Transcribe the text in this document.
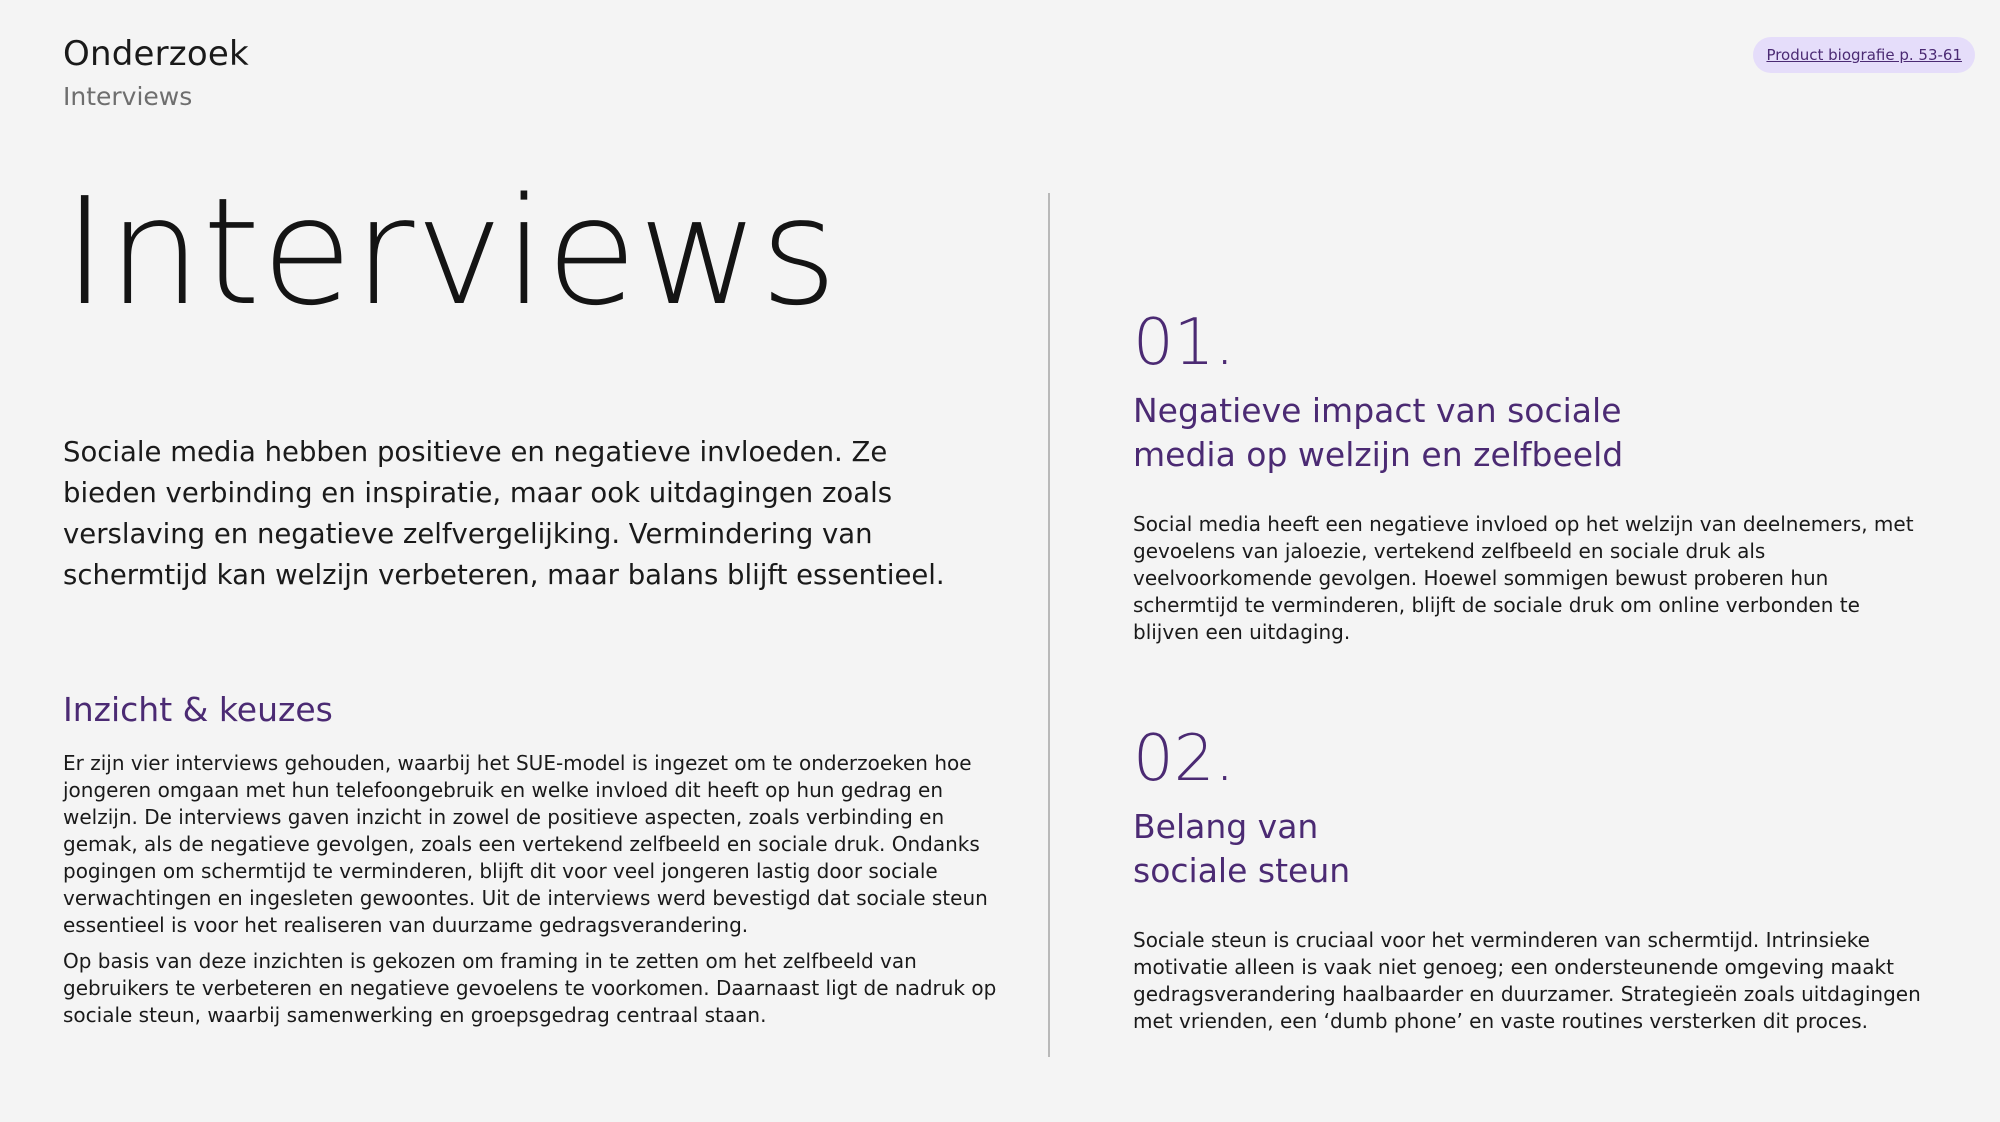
Onderzoek
Interviews
Product biografie p. 53-61
Interviews

Sociale media hebben positieve en negatieve invloeden. Ze bieden verbinding en inspiratie, maar ook uitdagingen zoals verslaving en negatieve zelfvergelijking. Vermindering van schermtijd kan welzijn verbeteren, maar balans blijft essentieel.

Inzicht & keuzes

Er zijn vier interviews gehouden, waarbij het SUE-model is ingezet om te onderzoeken hoe jongeren omgaan met hun telefoongebruik en welke invloed dit heeft op hun gedrag en welzijn. De interviews gaven inzicht in zowel de positieve aspecten, zoals verbinding en gemak, als de negatieve gevolgen, zoals een vertekend zelfbeeld en sociale druk. Ondanks pogingen om schermtijd te verminderen, blijft dit voor veel jongeren lastig door sociale verwachtingen en ingesleten gewoontes. Uit de interviews werd bevestigd dat sociale steun essentieel is voor het realiseren van duurzame gedragsverandering.

Op basis van deze inzichten is gekozen om framing in te zetten om het zelfbeeld van gebruikers te verbeteren en negatieve gevoelens te voorkomen. Daarnaast ligt de nadruk op sociale steun, waarbij samenwerking en groepsgedrag centraal staan.

01.
Negatieve impact van sociale
media op welzijn en zelfbeeld

Social media heeft een negatieve invloed op het welzijn van deelnemers, met gevoelens van jaloezie, vertekend zelfbeeld en sociale druk als veelvoorkomende gevolgen. Hoewel sommigen bewust proberen hun schermtijd te verminderen, blijft de sociale druk om online verbonden te blijven een uitdaging.

02.
Belang van
sociale steun

Sociale steun is cruciaal voor het verminderen van schermtijd. Intrinsieke motivatie alleen is vaak niet genoeg; een ondersteunende omgeving maakt gedragsverandering haalbaarder en duurzamer. Strategieën zoals uitdagingen met vrienden, een ‘dumb phone’ en vaste routines versterken dit proces.
